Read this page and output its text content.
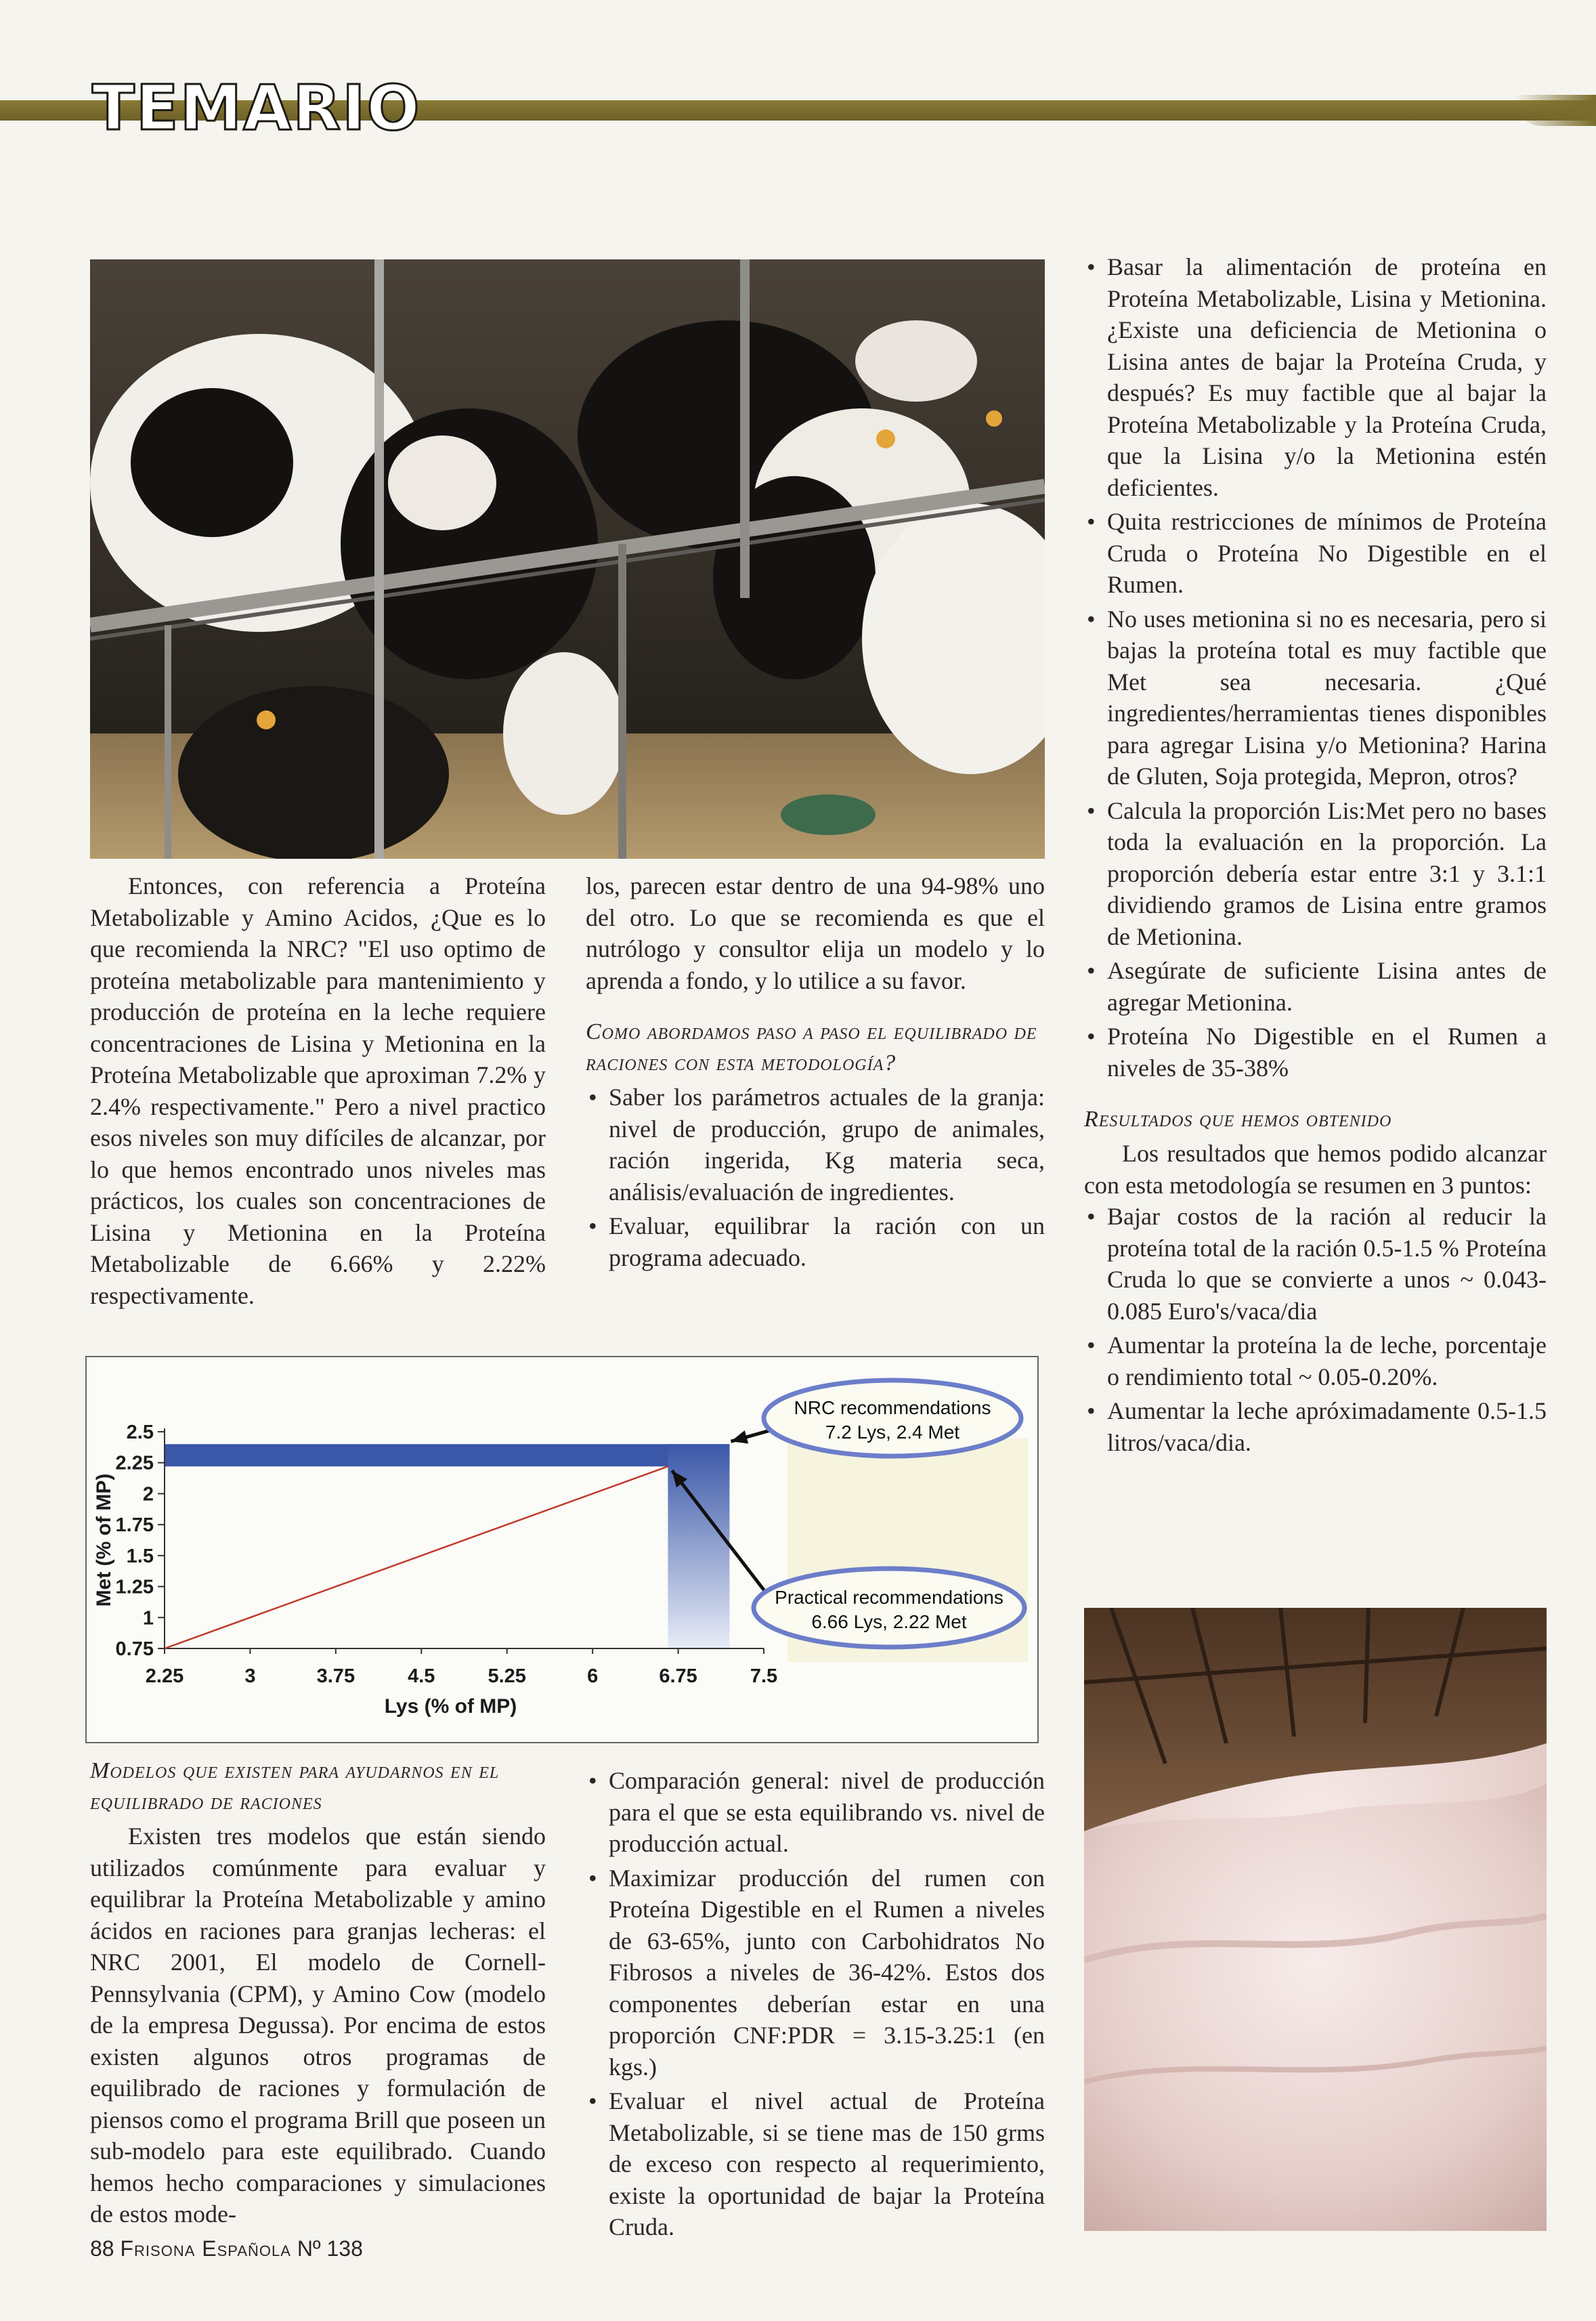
TEMARIO

Entonces, con referencia a Proteína Metabolizable y Amino Acidos, ¿Que es lo que recomienda la NRC? "El uso optimo de proteína metabolizable para mantenimiento y producción de proteína en la leche requiere concentraciones de Lisina y Metionina en la Proteína Metabolizable que aproximan 7.2% y 2.4% respectivamente." Pero a nivel practico esos niveles son muy difíciles de alcanzar, por lo que hemos encontrado unos niveles mas prácticos, los cuales son concentraciones de Lisina y Metionina en la Proteína Metabolizable de 6.66% y 2.22% respectivamente.

los, parecen estar dentro de una 94-98% uno del otro. Lo que se recomienda es que el nutrólogo y consultor elija un modelo y lo aprenda a fondo, y lo utilice a su favor.

Como abordamos paso a paso el equilibrado de raciones con esta metodología?
• Saber los parámetros actuales de la granja: nivel de producción, grupo de animales, ración ingerida, Kg materia seca, análisis/evaluación de ingredientes.
• Evaluar, equilibrar la ración con un programa adecuado.
• Basar la alimentación de proteína en Proteína Metabolizable, Lisina y Metionina. ¿Existe una deficiencia de Metionina o Lisina antes de bajar la Proteína Cruda, y después? Es muy factible que al bajar la Proteína Metabolizable y la Proteína Cruda, que la Lisina y/o la Metionina estén deficientes.
• Quita restricciones de mínimos de Proteína Cruda o Proteína No Digestible en el Rumen.
• No uses metionina si no es necesaria, pero si bajas la proteína total es muy factible que Met sea necesaria. ¿Qué ingredientes/herramientas tienes disponibles para agregar Lisina y/o Metionina? Harina de Gluten, Soja protegida, Mepron, otros?
• Calcula la proporción Lis:Met pero no bases toda la evaluación en la proporción. La proporción debería estar entre 3:1 y 3.1:1 dividiendo gramos de Lisina entre gramos de Metionina.
• Asegúrate de suficiente Lisina antes de agregar Metionina.
• Proteína No Digestible en el Rumen a niveles de 35-38%
Resultados que hemos obtenido

Los resultados que hemos podido alcanzar con esta metodología se resumen en 3 puntos:

• Bajar costos de la ración al reducir la proteína total de la ración 0.5-1.5 % Proteína Cruda lo que se convierte a unos ~ 0.043-0.085 Euro's/vaca/dia
• Aumentar la proteína la de leche, porcentaje o rendimiento total ~ 0.05-0.20%.
• Aumentar la leche apróximadamente 0.5-1.5 litros/vaca/dia.
0.75
1
1.25
1.5
1.75
2
2.25
2.5
2.25	3	3.75	4.5	5.25	6	6.75	7.5
NRC recommendations
7.2 Lys, 2.4 Met
Practical recommendations
6.66 Lys, 2.22 Met
Lys (% of MP)
Met (% of MP)
Modelos que existen para ayudarnos en el equilibrado de raciones

Existen tres modelos que están siendo utilizados comúnmente para evaluar y equilibrar la Proteína Metabolizable y amino ácidos en raciones para granjas lecheras: el NRC 2001, El modelo de Cornell-Pennsylvania (CPM), y Amino Cow (modelo de la empresa Degussa). Por encima de estos existen algunos otros programas de equilibrado de raciones y formulación de piensos como el programa Brill que poseen un sub-modelo para este equilibrado. Cuando hemos hecho comparaciones y simulaciones de estos mode-

• Comparación general: nivel de producción para el que se esta equilibrando vs. nivel de producción actual.
• Maximizar producción del rumen con Proteína Digestible en el Rumen a niveles de 63-65%, junto con Carbohidratos No Fibrosos a niveles de 36-42%. Estos dos componentes deberían estar en una proporción CNF:PDR = 3.15-3.25:1 (en kgs.)
• Evaluar el nivel actual de Proteína Metabolizable, si se tiene mas de 150 grms de exceso con respecto al requerimiento, existe la oportunidad de bajar la Proteína Cruda.
88 Frisona Española Nº 138
